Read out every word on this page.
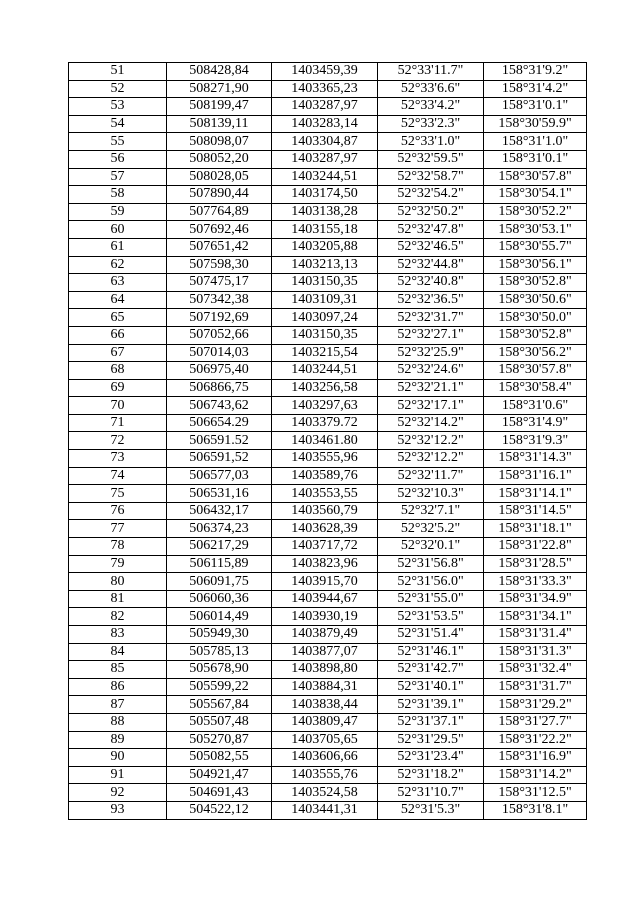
51	508428,84	1403459,39	52°33'11.7"	158°31'9.2"
52	508271,90	1403365,23	52°33'6.6"	158°31'4.2"
53	508199,47	1403287,97	52°33'4.2"	158°31'0.1"
54	508139,11	1403283,14	52°33'2.3"	158°30'59.9"
55	508098,07	1403304,87	52°33'1.0"	158°31'1.0"
56	508052,20	1403287,97	52°32'59.5"	158°31'0.1"
57	508028,05	1403244,51	52°32'58.7"	158°30'57.8"
58	507890,44	1403174,50	52°32'54.2"	158°30'54.1"
59	507764,89	1403138,28	52°32'50.2"	158°30'52.2"
60	507692,46	1403155,18	52°32'47.8"	158°30'53.1"
61	507651,42	1403205,88	52°32'46.5"	158°30'55.7"
62	507598,30	1403213,13	52°32'44.8"	158°30'56.1"
63	507475,17	1403150,35	52°32'40.8"	158°30'52.8"
64	507342,38	1403109,31	52°32'36.5"	158°30'50.6"
65	507192,69	1403097,24	52°32'31.7"	158°30'50.0"
66	507052,66	1403150,35	52°32'27.1"	158°30'52.8"
67	507014,03	1403215,54	52°32'25.9"	158°30'56.2"
68	506975,40	1403244,51	52°32'24.6"	158°30'57.8"
69	506866,75	1403256,58	52°32'21.1"	158°30'58.4"
70	506743,62	1403297,63	52°32'17.1"	158°31'0.6"
71	506654.29	1403379.72	52°32'14.2"	158°31'4.9"
72	506591.52	1403461.80	52°32'12.2"	158°31'9.3"
73	506591,52	1403555,96	52°32'12.2"	158°31'14.3"
74	506577,03	1403589,76	52°32'11.7"	158°31'16.1"
75	506531,16	1403553,55	52°32'10.3"	158°31'14.1"
76	506432,17	1403560,79	52°32'7.1"	158°31'14.5"
77	506374,23	1403628,39	52°32'5.2"	158°31'18.1"
78	506217,29	1403717,72	52°32'0.1"	158°31'22.8"
79	506115,89	1403823,96	52°31'56.8"	158°31'28.5"
80	506091,75	1403915,70	52°31'56.0"	158°31'33.3"
81	506060,36	1403944,67	52°31'55.0"	158°31'34.9"
82	506014,49	1403930,19	52°31'53.5"	158°31'34.1"
83	505949,30	1403879,49	52°31'51.4"	158°31'31.4"
84	505785,13	1403877,07	52°31'46.1"	158°31'31.3"
85	505678,90	1403898,80	52°31'42.7"	158°31'32.4"
86	505599,22	1403884,31	52°31'40.1"	158°31'31.7"
87	505567,84	1403838,44	52°31'39.1"	158°31'29.2"
88	505507,48	1403809,47	52°31'37.1"	158°31'27.7"
89	505270,87	1403705,65	52°31'29.5"	158°31'22.2"
90	505082,55	1403606,66	52°31'23.4"	158°31'16.9"
91	504921,47	1403555,76	52°31'18.2"	158°31'14.2"
92	504691,43	1403524,58	52°31'10.7"	158°31'12.5"
93	504522,12	1403441,31	52°31'5.3"	158°31'8.1"
